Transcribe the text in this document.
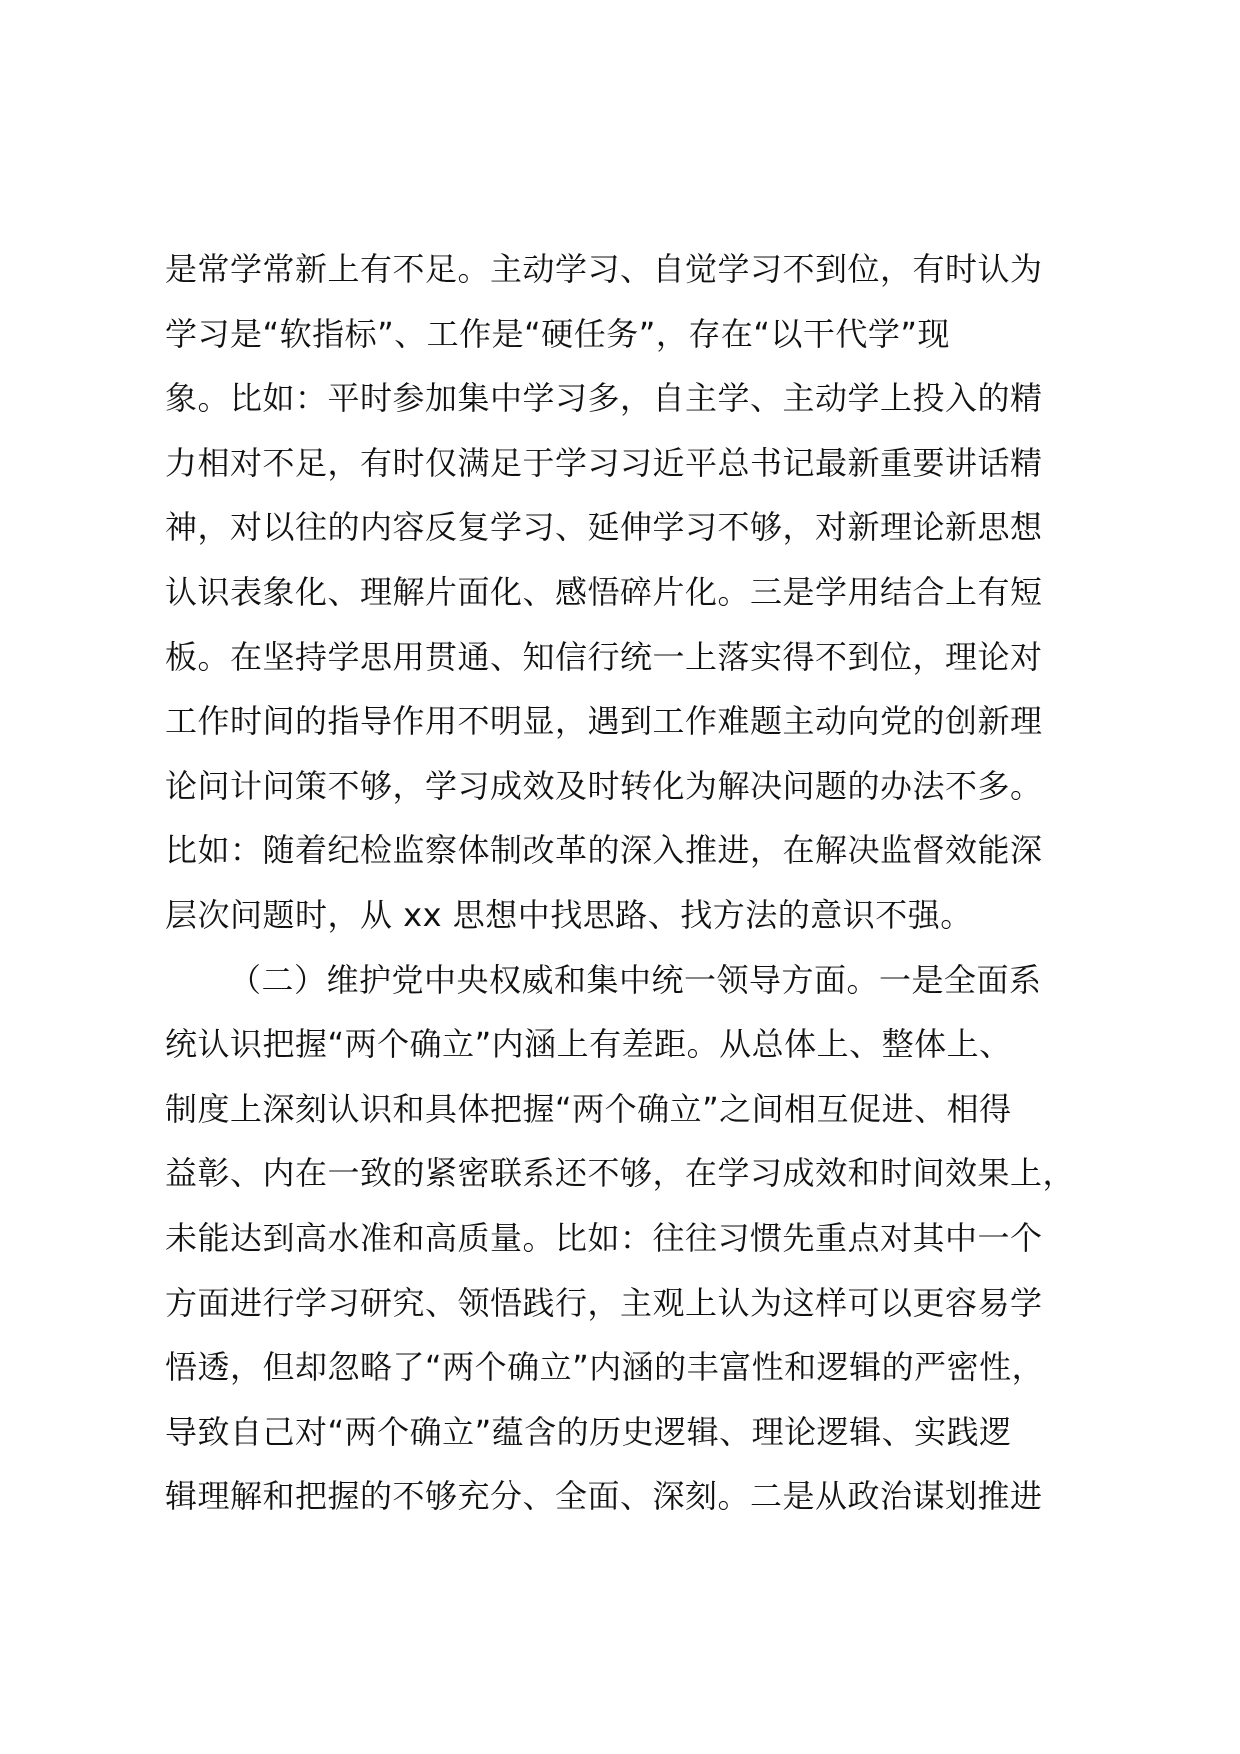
是常学常新上有不足。主动学习、自觉学习不到位，有时认为
学习是“软指标”、工作是“硬任务”，存在“以干代学”现
象。比如：平时参加集中学习多，自主学、主动学上投入的精
力相对不足，有时仅满足于学习习近平总书记最新重要讲话精
神，对以往的内容反复学习、延伸学习不够，对新理论新思想
认识表象化、理解片面化、感悟碎片化。三是学用结合上有短
板。在坚持学思用贯通、知信行统一上落实得不到位，理论对
工作时间的指导作用不明显，遇到工作难题主动向党的创新理
论问计问策不够，学习成效及时转化为解决问题的办法不多。
比如：随着纪检监察体制改革的深入推进，在解决监督效能深
层次问题时，从 xx 思想中找思路、找方法的意识不强。
（二）维护党中央权威和集中统一领导方面。一是全面系
统认识把握“两个确立”内涵上有差距。从总体上、整体上、
制度上深刻认识和具体把握“两个确立”之间相互促进、相得
益彰、内在一致的紧密联系还不够，在学习成效和时间效果上，
未能达到高水准和高质量。比如：往往习惯先重点对其中一个
方面进行学习研究、领悟践行，主观上认为这样可以更容易学
悟透，但却忽略了“两个确立”内涵的丰富性和逻辑的严密性，
导致自己对“两个确立”蕴含的历史逻辑、理论逻辑、实践逻
辑理解和把握的不够充分、全面、深刻。二是从政治谋划推进
